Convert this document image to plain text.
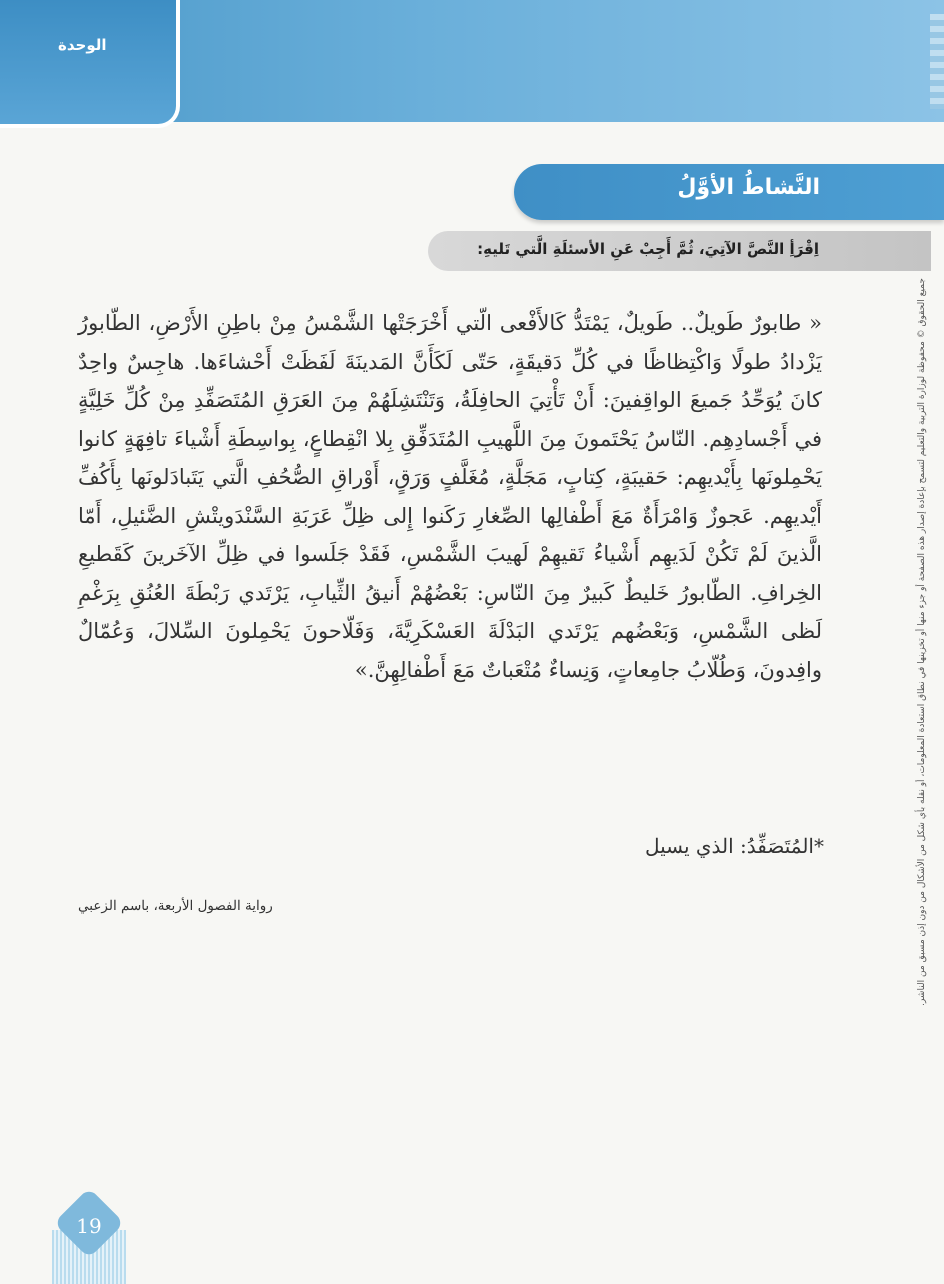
الوحدة
النَّشاطُ الأوَّلُ
اِقْرَأِ النَّصَّ الآتِيَ، ثُمَّ أَجِبْ عَنِ الأسئلَةِ الَّتي تَليهِ:

« طابورٌ طَويلٌ.. طَويلٌ، يَمْتَدُّ كَالأَفْعى الّتي أَخْرَجَتْها الشَّمْسُ مِنْ باطِنِ الأَرْضِ، الطّابورُ يَزْدادُ طولًا وَاكْتِظاظًا في كُلِّ دَقيقَةٍ، حَتّى لَكَأَنَّ المَدينَةَ لَفَظَتْ أَحْشاءَها. هاجِسٌ واحِدٌ كانَ يُوَحِّدُ جَميعَ الواقِفينَ: أَنْ تَأْتِيَ الحافِلَةُ، وَتَنْتَشِلَهُمْ مِنَ العَرَقِ المُتَصَفِّدِ مِنْ كُلِّ خَلِيَّةٍ في أَجْسادِهِم. النّاسُ يَحْتَمونَ مِنَ اللَّهيبِ المُتَدَفِّقِ بِلا انْقِطاعٍ، بِواسِطَةِ أَشْياءَ تافِهَةٍ كانوا يَحْمِلونَها بِأَيْديهِم: حَقيبَةٍ، كِتابٍ، مَجَلَّةٍ، مُغَلَّفٍ وَرَقٍ، أَوْراقِ الصُّحُفِ الَّتي يَتَبادَلونَها بِأَكُفِّ أَيْديهِم. عَجوزٌ وَامْرَأَةٌ مَعَ أَطْفالِها الصِّغارِ رَكَنوا إِلى ظِلِّ عَرَبَةِ السَّنْدَويتْشِ الضَّئيلِ، أَمّا الَّذينَ لَمْ تَكُنْ لَدَيهِم أَشْياءُ تَقيهِمْ لَهيبَ الشَّمْسِ، فَقَدْ جَلَسوا في ظِلِّ الآخَرينَ كَقَطيعِ الخِرافِ. الطّابورُ خَليطٌ كَبيرٌ مِنَ النّاسِ: بَعْضُهُمْ أَنيقُ الثِّيابِ، يَرْتَدي رَبْطَةَ العُنُقِ بِرَغْمِ لَظى الشَّمْسِ، وَبَعْضُهم يَرْتَدي البَدْلَةَ العَسْكَرِيَّةَ، وَفَلّاحونَ يَحْمِلونَ السِّلالَ، وَعُمّالٌ وافِدونَ، وَطُلّابُ جامِعاتٍ، وَنِساءٌ مُتْعَباتٌ مَعَ أَطْفالِهِنَّ.»

*المُتَصَفِّدُ: الذي يسيل
رواية الفصول الأربعة، باسم الزعبي	جميع الحقوق © محفوظة لوزارة التربية والتعليم لتسمح بإعادة إصدار هذه الصفحة أو جزء منها أو تخزينها في نطاق استعادة المعلومات، أو نقله بأي شكل من الأشكال من دون إذن مسبق من الناشر.
19
